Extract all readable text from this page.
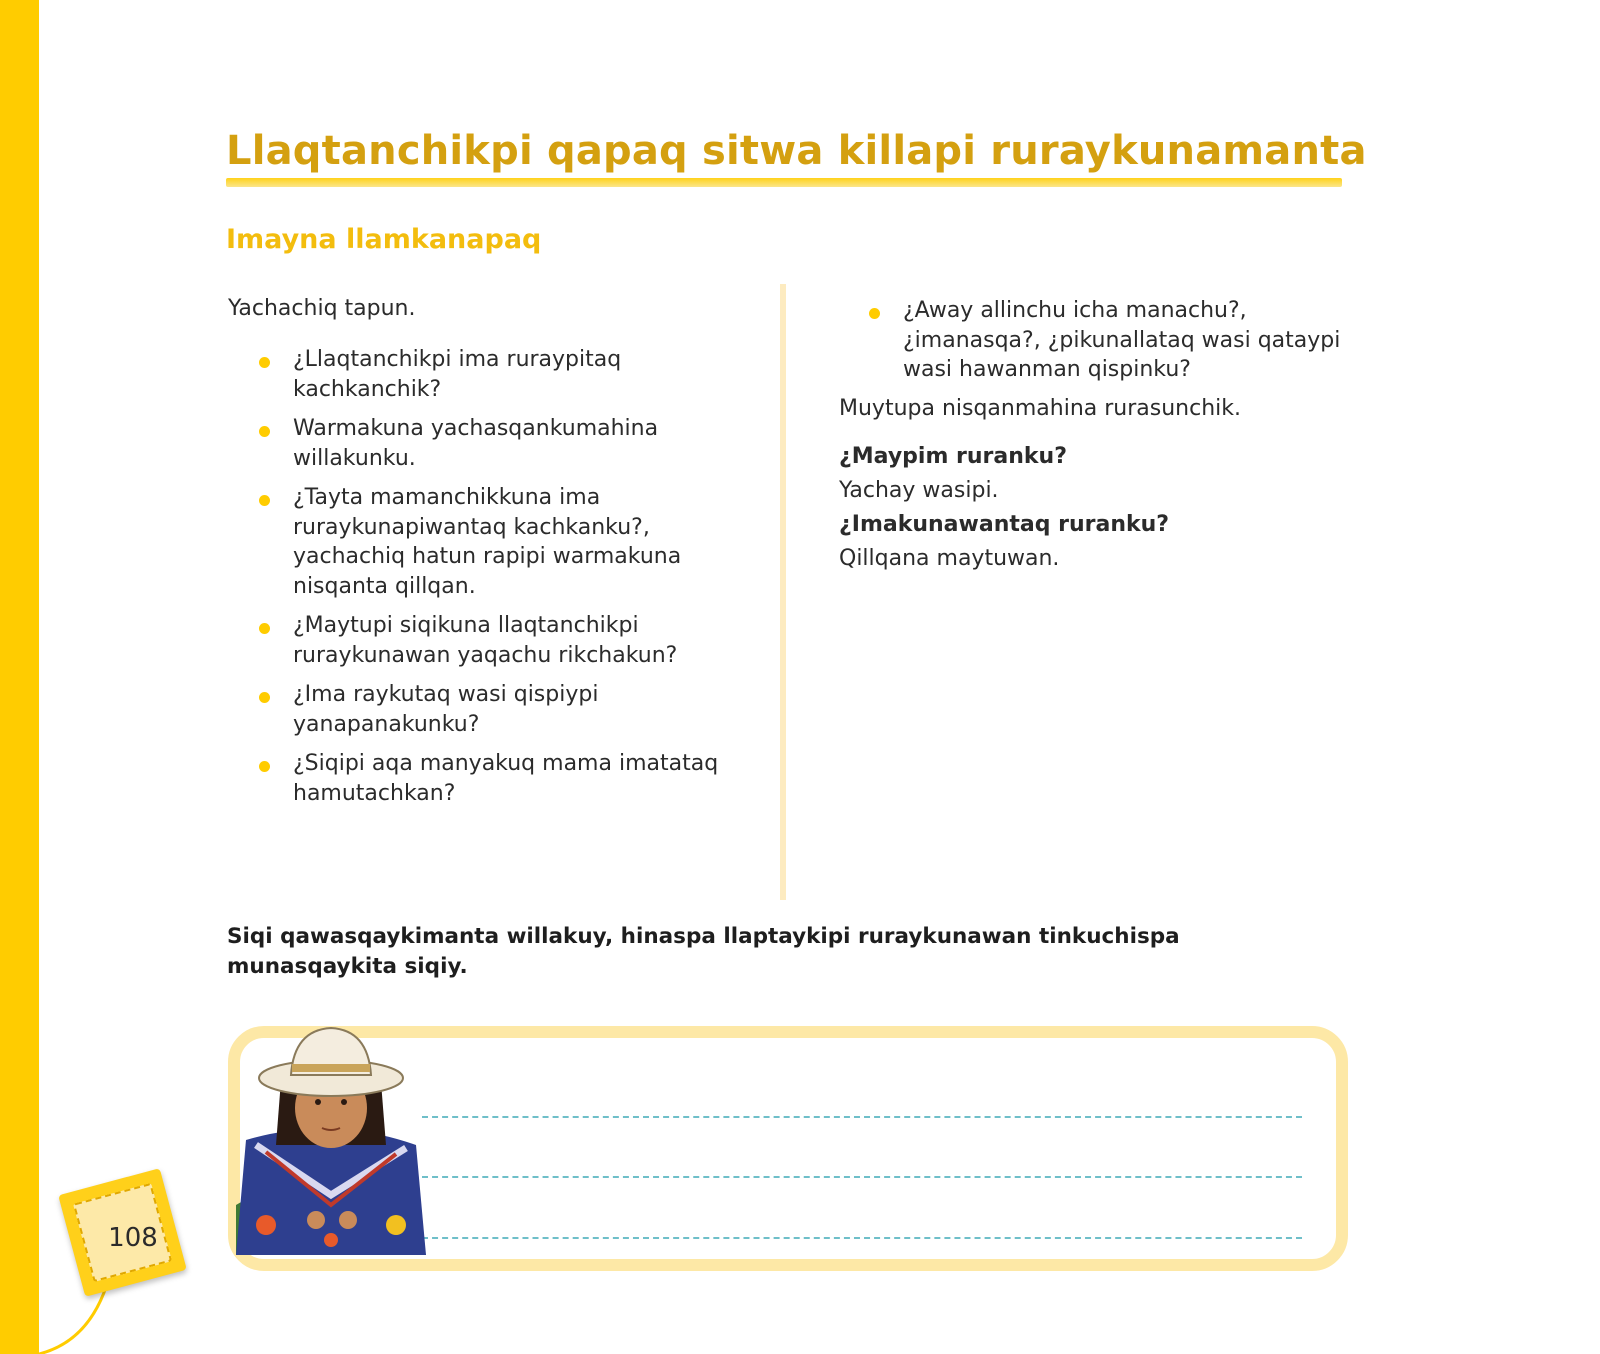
Llaqtanchikpi qapaq sitwa killapi ruraykunamanta
Imayna llamkanapaq

Yachachiq tapun.

¿Llaqtanchikpi ima ruraypitaq kachkanchik?
Warmakuna yachasqankumahina willakunku.
¿Tayta mamanchikkuna ima ruraykunapiwantaq kachkanku?, yachachiq hatun rapipi warmakuna nisqanta qillqan.
¿Maytupi siqikuna llaqtanchikpi ruraykunawan yaqachu rikchakun?
¿Ima raykutaq wasi qispiypi yanapanakunku?
¿Siqipi aqa manyakuq mama imatataq hamutachkan?
¿Away allinchu icha manachu?, ¿imanasqa?, ¿pikunallataq wasi qataypi wasi hawanman qispinku?

Muytupa nisqanmahina rurasunchik.

¿Maypim ruranku?

Yachay wasipi.

¿Imakunawantaq ruranku?

Qillqana maytuwan.

Siqi qawasqaykimanta willakuy, hinaspa llaptaykipi ruraykunawan tinkuchispa munasqaykita siqiy.

108
